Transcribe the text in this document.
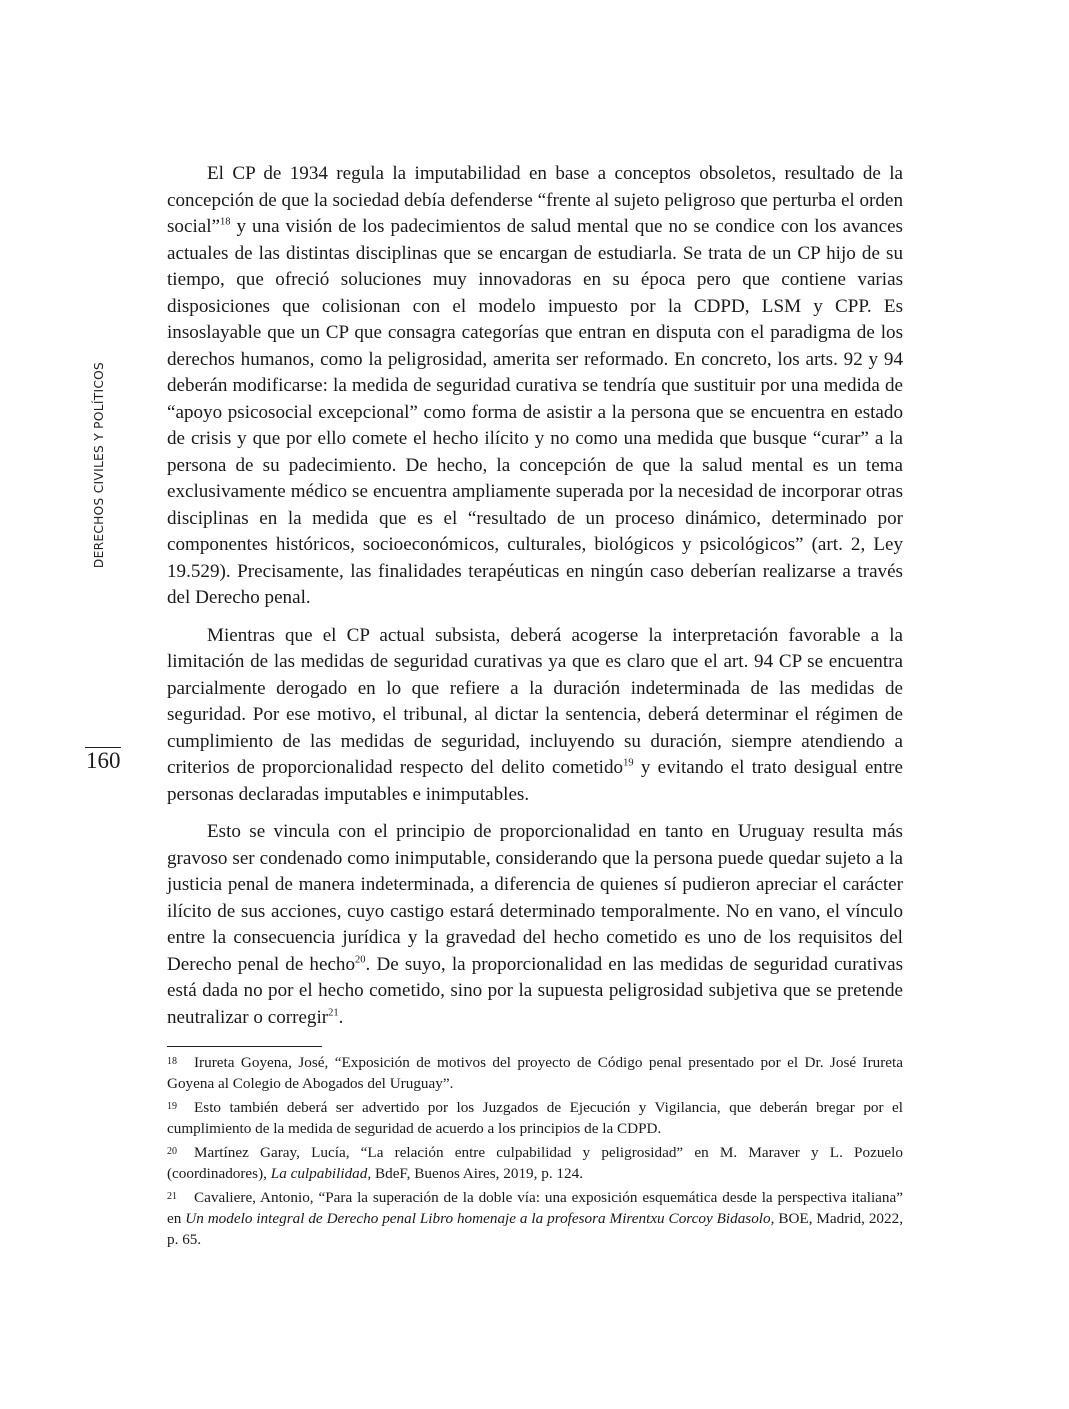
DERECHOS CIVILES Y POLÍTICOS
160

El CP de 1934 regula la imputabilidad en base a conceptos obsoletos, resultado de la concepción de que la sociedad debía defenderse “frente al sujeto peligroso que perturba el orden social”$^{18}$ y una visión de los padecimientos de salud mental que no se condice con los avances actuales de las distintas disciplinas que se encargan de estudiarla. Se trata de un CP hijo de su tiempo, que ofreció soluciones muy innovadoras en su época pero que contiene varias disposiciones que colisionan con el modelo impuesto por la CDPD, LSM y CPP. Es insoslayable que un CP que consagra categorías que entran en disputa con el paradigma de los derechos humanos, como la peligrosidad, amerita ser reformado. En concreto, los arts. 92 y 94 deberán modificarse: la medida de seguridad curativa se tendría que sustituir por una medida de “apoyo psicosocial excepcional” como forma de asistir a la persona que se encuentra en estado de crisis y que por ello comete el hecho ilícito y no como una medida que busque “curar” a la persona de su padecimiento. De hecho, la concepción de que la salud mental es un tema exclusivamente médico se encuentra ampliamente superada por la necesidad de incorporar otras disciplinas en la medida que es el “resultado de un proceso dinámico, determinado por componentes históricos, socioeconómicos, culturales, biológicos y psicológicos” (art. 2, Ley 19.529). Precisamente, las finalidades terapéuticas en ningún caso deberían realizarse a través del Derecho penal.

Mientras que el CP actual subsista, deberá acogerse la interpretación favorable a la limitación de las medidas de seguridad curativas ya que es claro que el art. 94 CP se encuentra parcialmente derogado en lo que refiere a la duración indeterminada de las medidas de seguridad. Por ese motivo, el tribunal, al dictar la sentencia, deberá determinar el régimen de cumplimiento de las medidas de seguridad, incluyendo su duración, siempre atendiendo a criterios de proporcionalidad respecto del delito cometido$^{19}$ y evitando el trato desigual entre personas declaradas imputables e inimputables.

Esto se vincula con el principio de proporcionalidad en tanto en Uruguay resulta más gravoso ser condenado como inimputable, considerando que la persona puede quedar sujeto a la justicia penal de manera indeterminada, a diferencia de quienes sí pudieron apreciar el carácter ilícito de sus acciones, cuyo castigo estará determinado temporalmente. No en vano, el vínculo entre la consecuencia jurídica y la gravedad del hecho cometido es uno de los requisitos del Derecho penal de hecho$^{20}$. De suyo, la proporcionalidad en las medidas de seguridad curativas está dada no por el hecho cometido, sino por la supuesta peligrosidad subjetiva que se pretende neutralizar o corregir$^{21}$.

18 Irureta Goyena, José, “Exposición de motivos del proyecto de Código penal presentado por el Dr. José Irureta Goyena al Colegio de Abogados del Uruguay”.
19 Esto también deberá ser advertido por los Juzgados de Ejecución y Vigilancia, que deberán bregar por el cumplimiento de la medida de seguridad de acuerdo a los principios de la CDPD.
20 Martínez Garay, Lucía, “La relación entre culpabilidad y peligrosidad” en M. Maraver y L. Pozuelo (coordinadores), La culpabilidad, BdeF, Buenos Aires, 2019, p. 124.
21 Cavaliere, Antonio, “Para la superación de la doble vía: una exposición esquemática desde la perspectiva italiana” en Un modelo integral de Derecho penal Libro homenaje a la profesora Mirentxu Corcoy Bidasolo, BOE, Madrid, 2022, p. 65.
